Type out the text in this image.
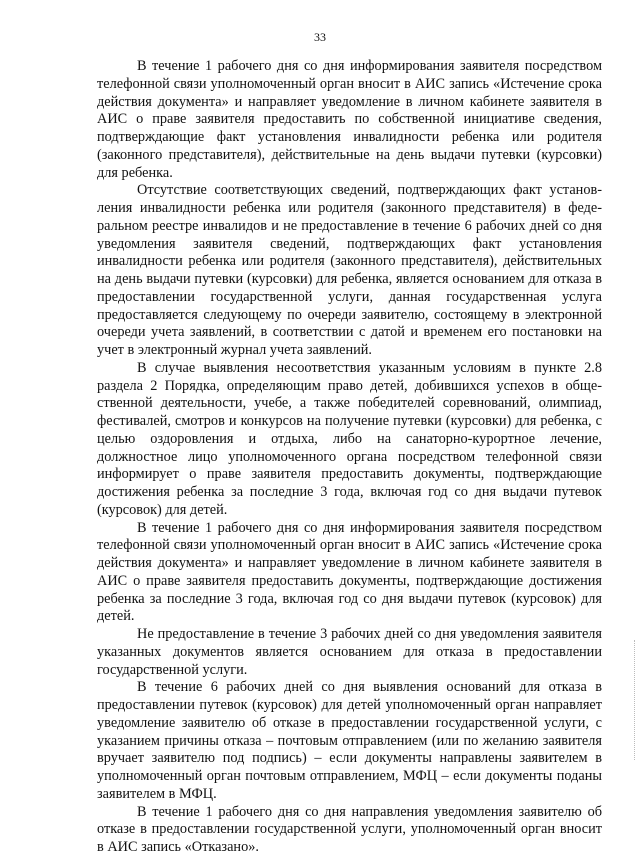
33

В течение 1 рабочего дня со дня информирования заявителя посредством телефонной связи уполномоченный орган вносит в АИС запись «Истечение срока действия документа» и направляет уведомление в личном кабинете заявителя в АИС о праве заявителя предоставить по собственной инициативе сведения, подтверждающие факт установления инвалидности ребенка или родителя (законного представителя), действительные на день выдачи путевки (курсовки) для ребенка.

Отсутствие соответствующих сведений, подтверждающих факт установления инвалидности ребенка или родителя (законного представителя) в федеральном реестре инвалидов и не предоставление в течение 6 рабочих дней со дня уведомления заявителя сведений, подтверждающих факт установления инвалидности ребенка или родителя (законного представителя), действительных на день выдачи путевки (курсовки) для ребенка, является основанием для отказа в предоставлении государственной услуги, данная государственная услуга предоставляется следующему по очереди заявителю, состоящему в электронной очереди учета заявлений, в соответствии с датой и временем его постановки на учет в электронный журнал учета заявлений.

В случае выявления несоответствия указанным условиям в пункте 2.8 раздела 2 Порядка, определяющим право детей, добившихся успехов в общественной деятельности, учебе, а также победителей соревнований, олимпиад, фестивалей, смотров и конкурсов на получение путевки (курсовки) для ребенка, с целью оздоровления и отдыха, либо на санаторно-курортное лечение, должностное лицо уполномоченного органа посредством телефонной связи информирует о праве заявителя предоставить документы, подтверждающие достижения ребенка за последние 3 года, включая год со дня выдачи путевок (курсовок) для детей.

В течение 1 рабочего дня со дня информирования заявителя посредством телефонной связи уполномоченный орган вносит в АИС запись «Истечение срока действия документа» и направляет уведомление в личном кабинете заявителя в АИС о праве заявителя предоставить документы, подтверждающие достижения ребенка за последние 3 года, включая год со дня выдачи путевок (курсовок) для детей.

Не предоставление в течение 3 рабочих дней со дня уведомления заявителя указанных документов является основанием для отказа в предоставлении государственной услуги.

В течение 6 рабочих дней со дня выявления оснований для отказа в предоставлении путевок (курсовок) для детей уполномоченный орган направляет уведомление заявителю об отказе в предоставлении государственной услуги, с указанием причины отказа – почтовым отправлением (или по желанию заявителя вручает заявителю под подпись) – если документы направлены заявителем в уполномоченный орган почтовым отправлением, МФЦ – если документы поданы заявителем в МФЦ.

В течение 1 рабочего дня со дня направления уведомления заявителю об отказе в предоставлении государственной услуги, уполномоченный орган вносит в АИС запись «Отказано».
